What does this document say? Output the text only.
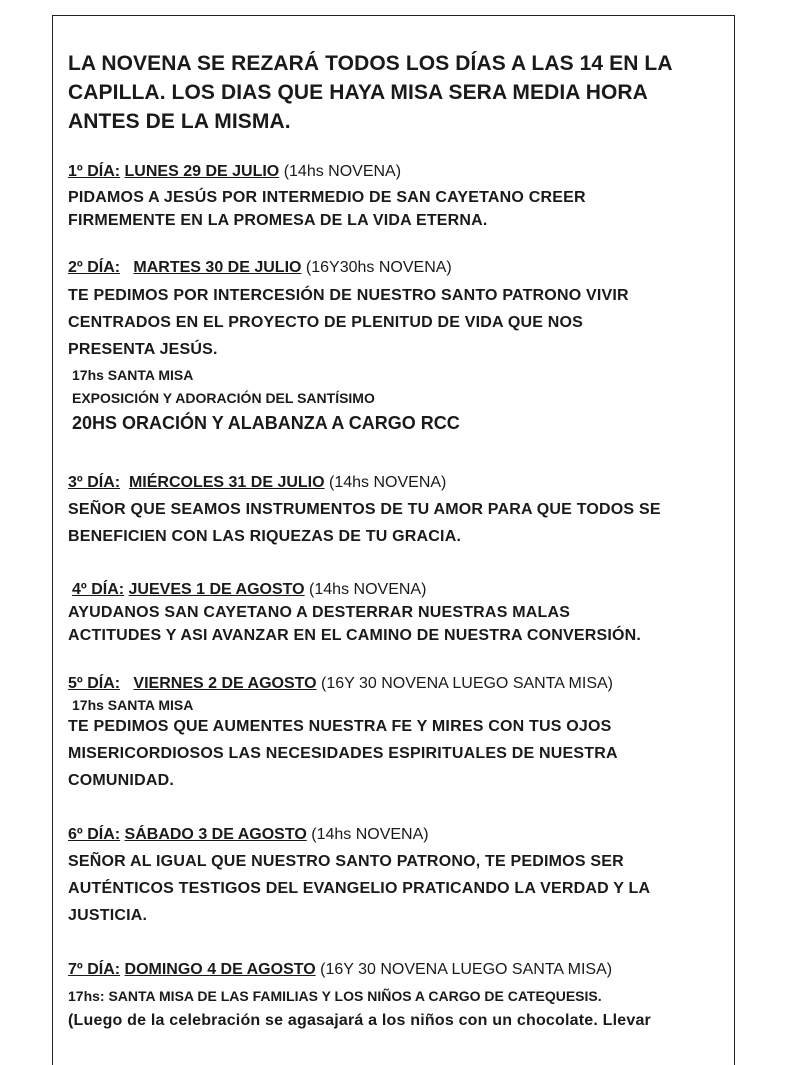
LA NOVENA SE REZARÁ TODOS LOS DÍAS A LAS 14 EN LA
CAPILLA. LOS DIAS QUE HAYA MISA SERA MEDIA HORA
ANTES DE LA MISMA.
1º DÍA: LUNES 29 DE JULIO (14hs NOVENA)
PIDAMOS A JESÚS POR INTERMEDIO DE SAN CAYETANO CREER
FIRMEMENTE EN LA PROMESA DE LA VIDA ETERNA.
2º DÍA: MARTES 30 DE JULIO (16Y30hs NOVENA)
TE PEDIMOS POR INTERCESIÓN DE NUESTRO SANTO PATRONO VIVIR
CENTRADOS EN EL PROYECTO DE PLENITUD DE VIDA QUE NOS
PRESENTA JESÚS.
17hs SANTA MISA
EXPOSICIÓN Y ADORACIÓN DEL SANTÍSIMO
20HS ORACIÓN Y ALABANZA A CARGO RCC
3º DÍA: MIÉRCOLES 31 DE JULIO (14hs NOVENA)
SEÑOR QUE SEAMOS INSTRUMENTOS DE TU AMOR PARA QUE TODOS SE
BENEFICIEN CON LAS RIQUEZAS DE TU GRACIA.
4º DÍA: JUEVES 1 DE AGOSTO (14hs NOVENA)
AYUDANOS SAN CAYETANO A DESTERRAR NUESTRAS MALAS
ACTITUDES Y ASI AVANZAR EN EL CAMINO DE NUESTRA CONVERSIÓN.
5º DÍA: VIERNES 2 DE AGOSTO (16Y 30 NOVENA LUEGO SANTA MISA)
17hs SANTA MISA
TE PEDIMOS QUE AUMENTES NUESTRA FE Y MIRES CON TUS OJOS
MISERICORDIOSOS LAS NECESIDADES ESPIRITUALES DE NUESTRA
COMUNIDAD.
6º DÍA: SÁBADO 3 DE AGOSTO (14hs NOVENA)
SEÑOR AL IGUAL QUE NUESTRO SANTO PATRONO, TE PEDIMOS SER
AUTÉNTICOS TESTIGOS DEL EVANGELIO PRATICANDO LA VERDAD Y LA
JUSTICIA.
7º DÍA: DOMINGO 4 DE AGOSTO (16Y 30 NOVENA LUEGO SANTA MISA)
17hs: SANTA MISA DE LAS FAMILIAS Y LOS NIÑOS A CARGO DE CATEQUESIS.
(Luego de la celebración se agasajará a los niños con un chocolate. Llevar
